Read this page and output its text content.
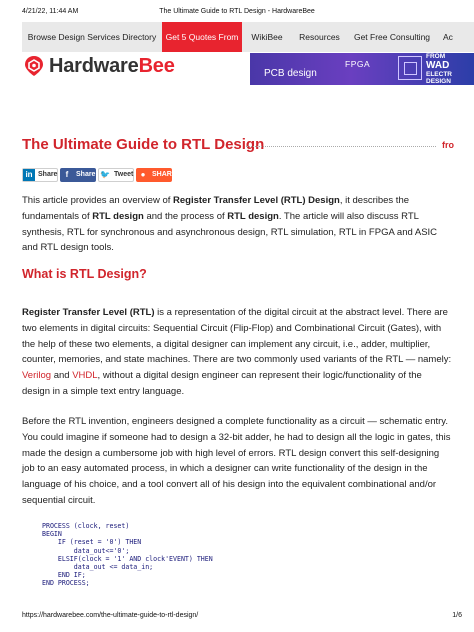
4/21/22, 11:44 AM	The Ultimate Guide to RTL Design - HardwareBee
Browse Design Services Directory	Get 5 Quotes From	WikiBee	Resources	Get Free Consulting	Ac
HardwareBee	PCB design
FPGA
FROM
WAD
ELECTR
DESIGN
The Ultimate Guide to RTL Design	fro
in Share	f	Share 🐦 Tweet ● SHARE

This article provides an overview of Register Transfer Level (RTL) Design, it describes the fundamentals of RTL design and the process of RTL design. The article will also discuss RTL synthesis, RTL for synchronous and asynchronous design, RTL simulation, RTL in FPGA and ASIC and RTL design tools.

What is RTL Design?

Register Transfer Level (RTL) is a representation of the digital circuit at the abstract level. There are two elements in digital circuits: Sequential Circuit (Flip-Flop) and Combinational Circuit (Gates), with the help of these two elements, a digital designer can implement any circuit, i.e., adder, multiplier, counter, memories, and state machines. There are two commonly used variants of the RTL — namely: Verilog and VHDL, without a digital design engineer can represent their logic/functionality of the design in a simple text entry language.

Before the RTL invention, engineers designed a complete functionality as a circuit — schematic entry. You could imagine if someone had to design a 32-bit adder, he had to design all the logic in gates, this made the design a cumbersome job with high level of errors. RTL design convert this self-designing job to an easy automated process, in which a designer can write functionality of the design in the language of his choice, and a tool convert all of his design into the equivalent combinational and/or sequential circuit.

PROCESS (clock, reset)
BEGIN
IF (reset = '0') THEN
data_out<='0';
ELSIF(clock = '1' AND clock'EVENT) THEN
data_out <= data_in;
END IF;
END PROCESS;
https://hardwarebee.com/the-ultimate-guide-to-rtl-design/	1/6
